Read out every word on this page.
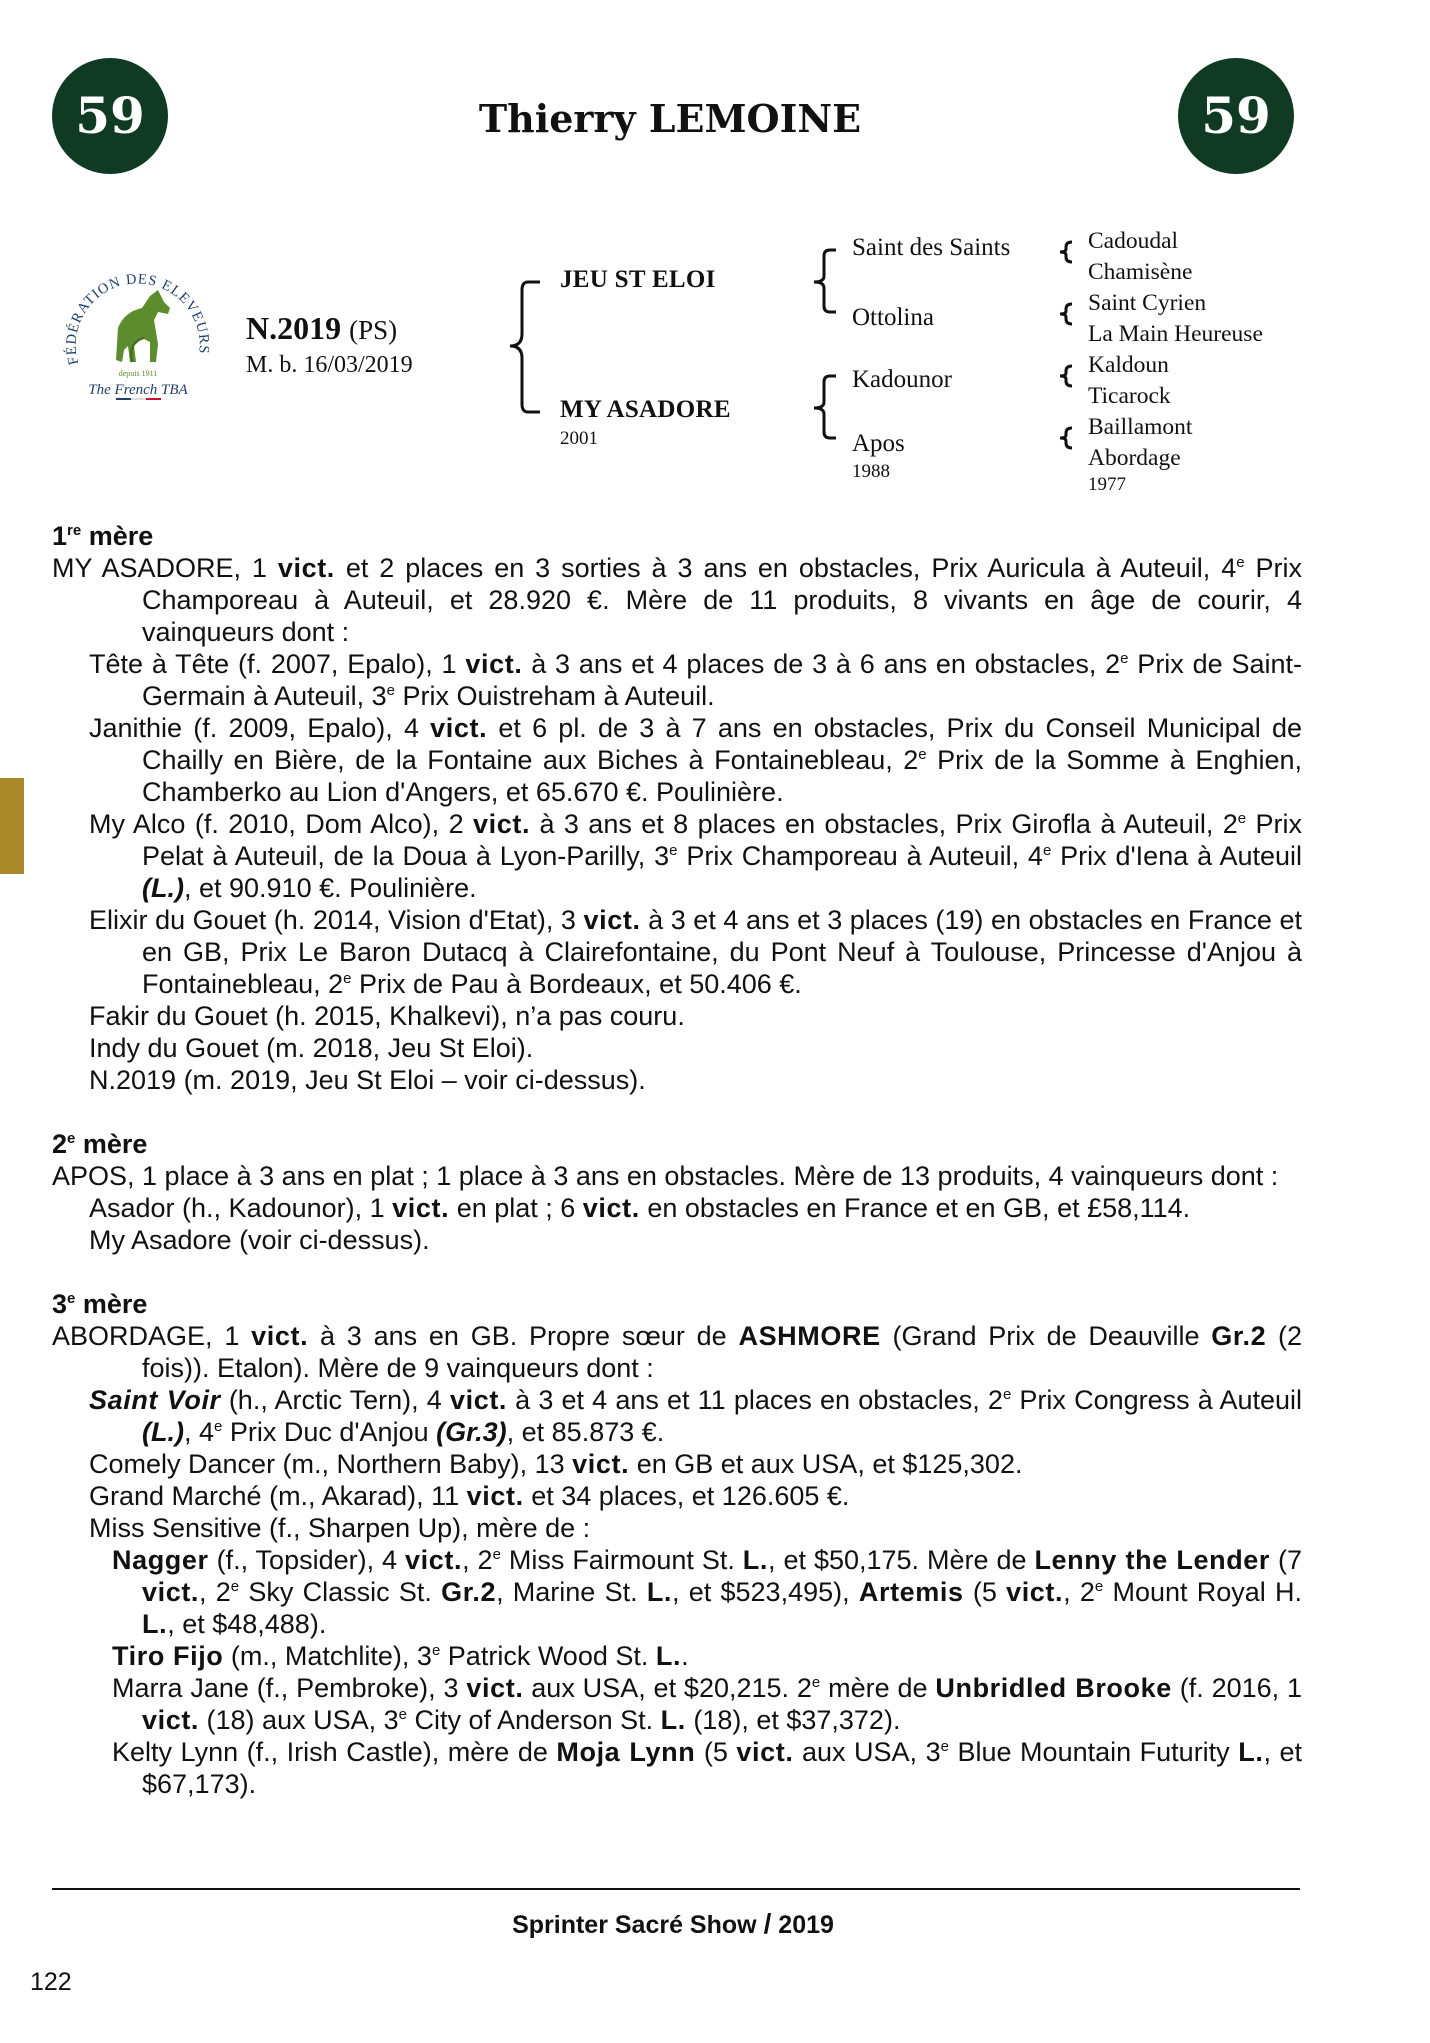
59	Thierry LEMOINE	59
FÉDÉRATION DES ELEVEURS
depuis 1911
The French TBA
N.2019 (PS)
M. b. 16/03/2019
JEU ST ELOI
MY ASADORE
2001
Saint des Saints
Ottolina
Kadounor
Apos
1988
Cadoudal
Chamisène
Saint Cyrien
La Main Heureuse
Kaldoun
Ticarock
Baillamont
Abordage
1977

1re mère

MY ASADORE, 1 vict. et 2 places en 3 sorties à 3 ans en obstacles, Prix Auricula à Auteuil, 4e Prix Champoreau à Auteuil, et 28.920 €. Mère de 11 produits, 8 vivants en âge de courir, 4 vainqueurs dont :

Tête à Tête (f. 2007, Epalo), 1 vict. à 3 ans et 4 places de 3 à 6 ans en obstacles, 2e Prix de Saint-Germain à Auteuil, 3e Prix Ouistreham à Auteuil.

Janithie (f. 2009, Epalo), 4 vict. et 6 pl. de 3 à 7 ans en obstacles, Prix du Conseil Municipal de Chailly en Bière, de la Fontaine aux Biches à Fontainebleau, 2e Prix de la Somme à Enghien, Chamberko au Lion d'Angers, et 65.670 €. Poulinière.

My Alco (f. 2010, Dom Alco), 2 vict. à 3 ans et 8 places en obstacles, Prix Girofla à Auteuil, 2e Prix Pelat à Auteuil, de la Doua à Lyon-Parilly, 3e Prix Champoreau à Auteuil, 4e Prix d'Iena à Auteuil (L.), et 90.910 €. Poulinière.

Elixir du Gouet (h. 2014, Vision d'Etat), 3 vict. à 3 et 4 ans et 3 places (19) en obstacles en France et en GB, Prix Le Baron Dutacq à Clairefontaine, du Pont Neuf à Toulouse, Princesse d'Anjou à Fontainebleau, 2e Prix de Pau à Bordeaux, et 50.406 €.

Fakir du Gouet (h. 2015, Khalkevi), n’a pas couru.

Indy du Gouet (m. 2018, Jeu St Eloi).

N.2019 (m. 2019, Jeu St Eloi – voir ci-dessus).

2e mère

APOS, 1 place à 3 ans en plat ; 1 place à 3 ans en obstacles. Mère de 13 produits, 4 vainqueurs dont :

Asador (h., Kadounor), 1 vict. en plat ; 6 vict. en obstacles en France et en GB, et £58,114.

My Asadore (voir ci-dessus).

3e mère

ABORDAGE, 1 vict. à 3 ans en GB. Propre sœur de ASHMORE (Grand Prix de Deauville Gr.2 (2 fois)). Etalon). Mère de 9 vainqueurs dont :

Saint Voir (h., Arctic Tern), 4 vict. à 3 et 4 ans et 11 places en obstacles, 2e Prix Congress à Auteuil (L.), 4e Prix Duc d'Anjou (Gr.3), et 85.873 €.

Comely Dancer (m., Northern Baby), 13 vict. en GB et aux USA, et $125,302.

Grand Marché (m., Akarad), 11 vict. et 34 places, et 126.605 €.

Miss Sensitive (f., Sharpen Up), mère de :

Nagger (f., Topsider), 4 vict., 2e Miss Fairmount St. L., et $50,175. Mère de Lenny the Lender (7 vict., 2e Sky Classic St. Gr.2, Marine St. L., et $523,495), Artemis (5 vict., 2e Mount Royal H. L., et $48,488).

Tiro Fijo (m., Matchlite), 3e Patrick Wood St. L..

Marra Jane (f., Pembroke), 3 vict. aux USA, et $20,215. 2e mère de Unbridled Brooke (f. 2016, 1 vict. (18) aux USA, 3e City of Anderson St. L. (18), et $37,372).

Kelty Lynn (f., Irish Castle), mère de Moja Lynn (5 vict. aux USA, 3e Blue Mountain Futurity L., et $67,173).

Sprinter Sacré Show / 2019
122
